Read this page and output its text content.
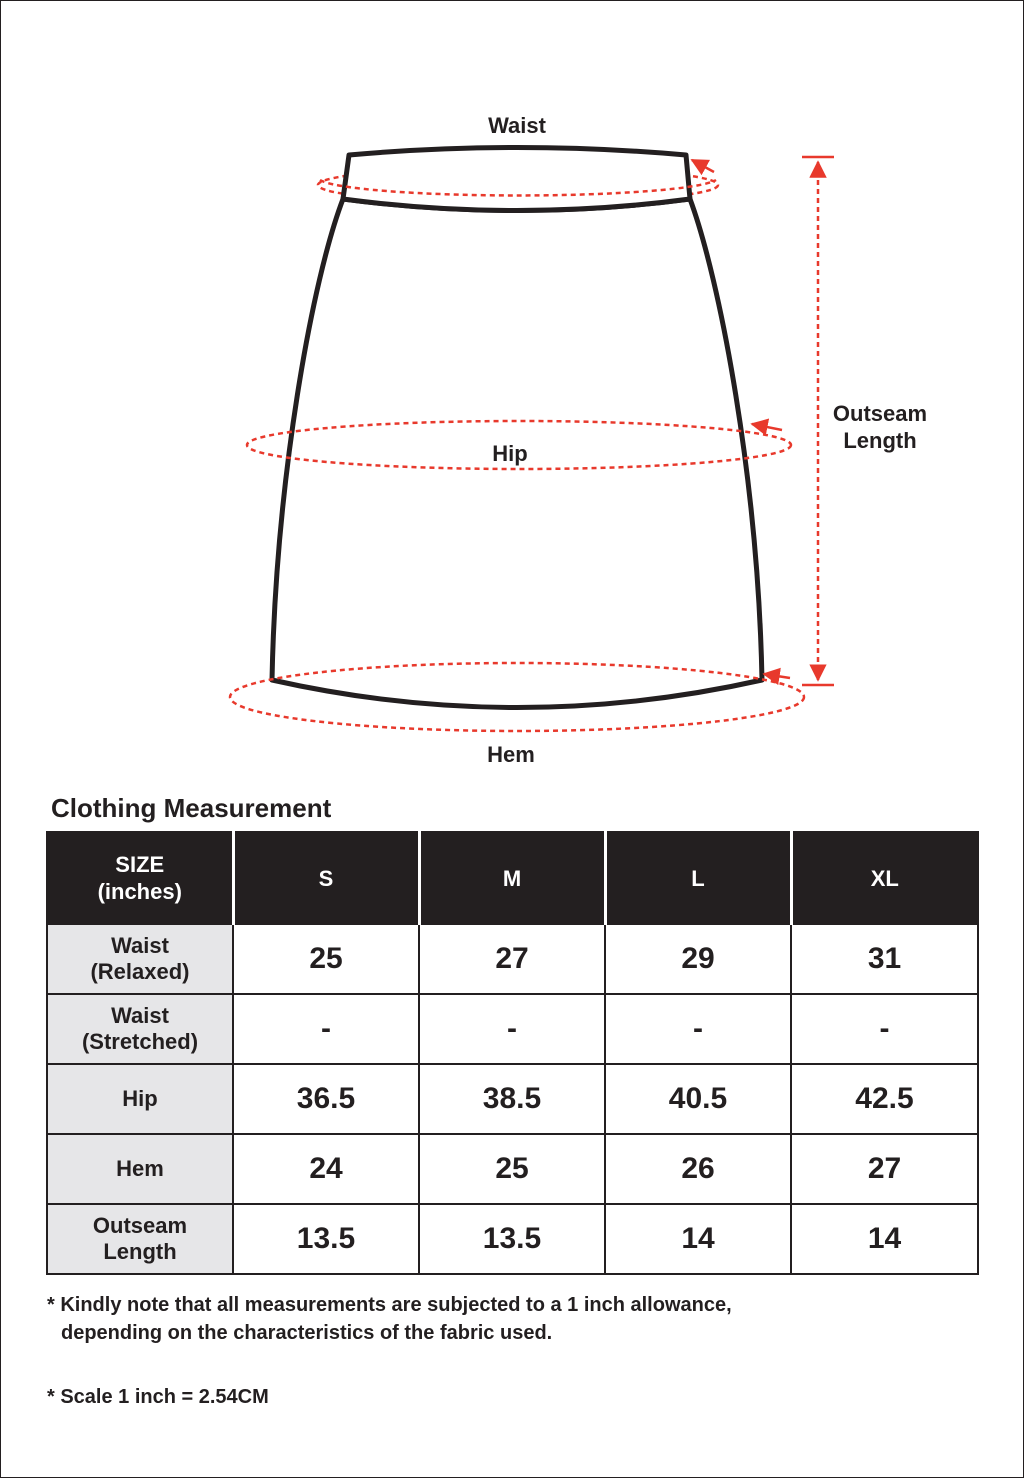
Waist
Hip
Hem
Outseam
Length
Clothing Measurement
SIZE
(inches)	S	M	L	XL
Waist
(Relaxed)	25	27	29	31
Waist
(Stretched)	-	-	-	-
Hip	36.5	38.5	40.5	42.5
Hem	24	25	26	27
Outseam
Length	13.5	13.5	14	14
* Kindly note that all measurements are subjected to a 1 inch allowance,
depending on the characteristics of the fabric used.
* Scale 1 inch = 2.54CM
